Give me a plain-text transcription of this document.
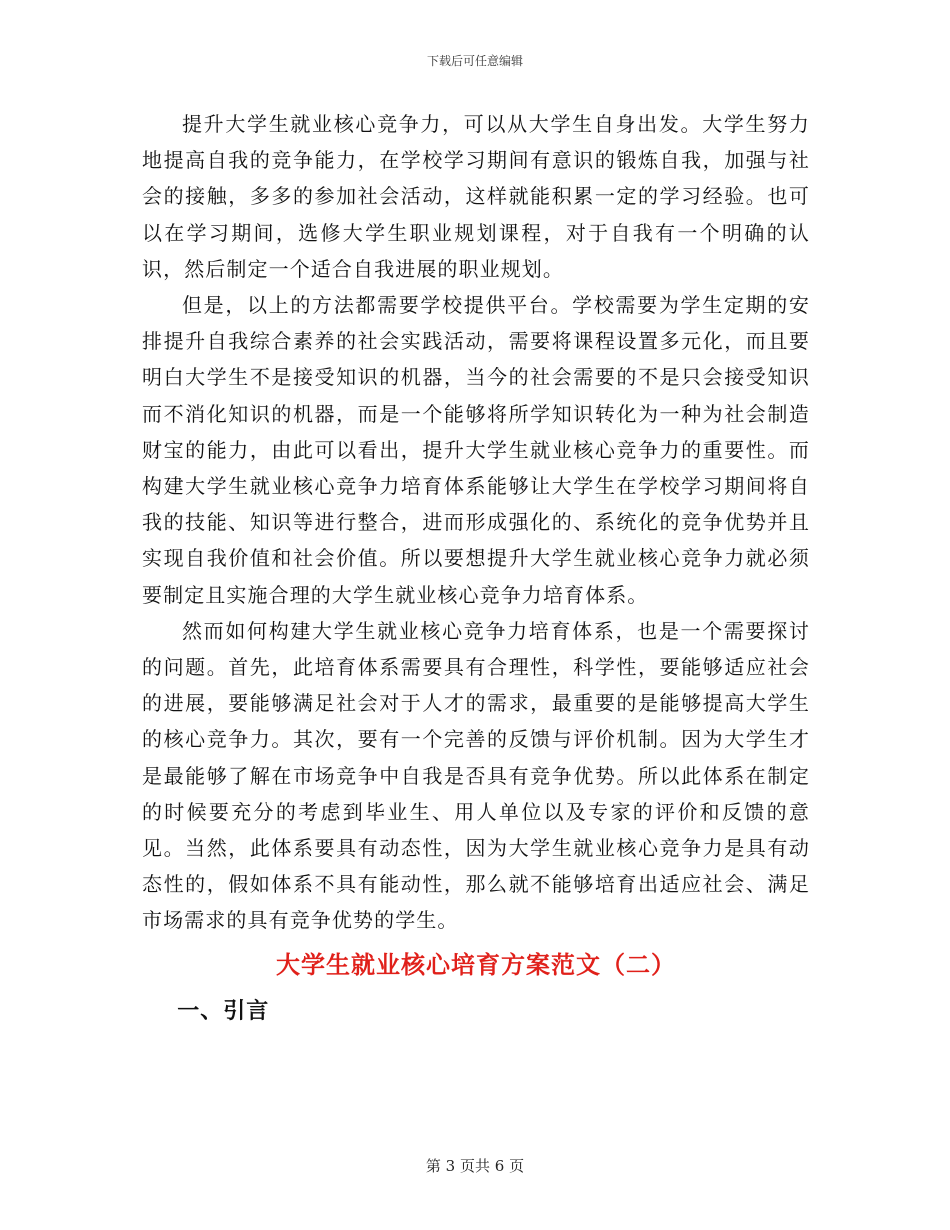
下载后可任意编辑

提升大学生就业核心竞争力，可以从大学生自身出发。大学生努力地提高自我的竞争能力，在学校学习期间有意识的锻炼自我，加强与社会的接触，多多的参加社会活动，这样就能积累一定的学习经验。也可以在学习期间，选修大学生职业规划课程，对于自我有一个明确的认识，然后制定一个适合自我进展的职业规划。

但是，以上的方法都需要学校提供平台。学校需要为学生定期的安排提升自我综合素养的社会实践活动，需要将课程设置多元化，而且要明白大学生不是接受知识的机器，当今的社会需要的不是只会接受知识而不消化知识的机器，而是一个能够将所学知识转化为一种为社会制造财宝的能力，由此可以看出，提升大学生就业核心竞争力的重要性。而构建大学生就业核心竞争力培育体系能够让大学生在学校学习期间将自我的技能、知识等进行整合，进而形成强化的、系统化的竞争优势并且实现自我价值和社会价值。所以要想提升大学生就业核心竞争力就必须要制定且实施合理的大学生就业核心竞争力培育体系。

然而如何构建大学生就业核心竞争力培育体系，也是一个需要探讨的问题。首先，此培育体系需要具有合理性，科学性，要能够适应社会的进展，要能够满足社会对于人才的需求，最重要的是能够提高大学生的核心竞争力。其次，要有一个完善的反馈与评价机制。因为大学生才是最能够了解在市场竞争中自我是否具有竞争优势。所以此体系在制定的时候要充分的考虑到毕业生、用人单位以及专家的评价和反馈的意见。当然，此体系要具有动态性，因为大学生就业核心竞争力是具有动态性的，假如体系不具有能动性，那么就不能够培育出适应社会、满足市场需求的具有竞争优势的学生。

大学生就业核心培育方案范文（二）
一、引言
第 3 页共 6 页
